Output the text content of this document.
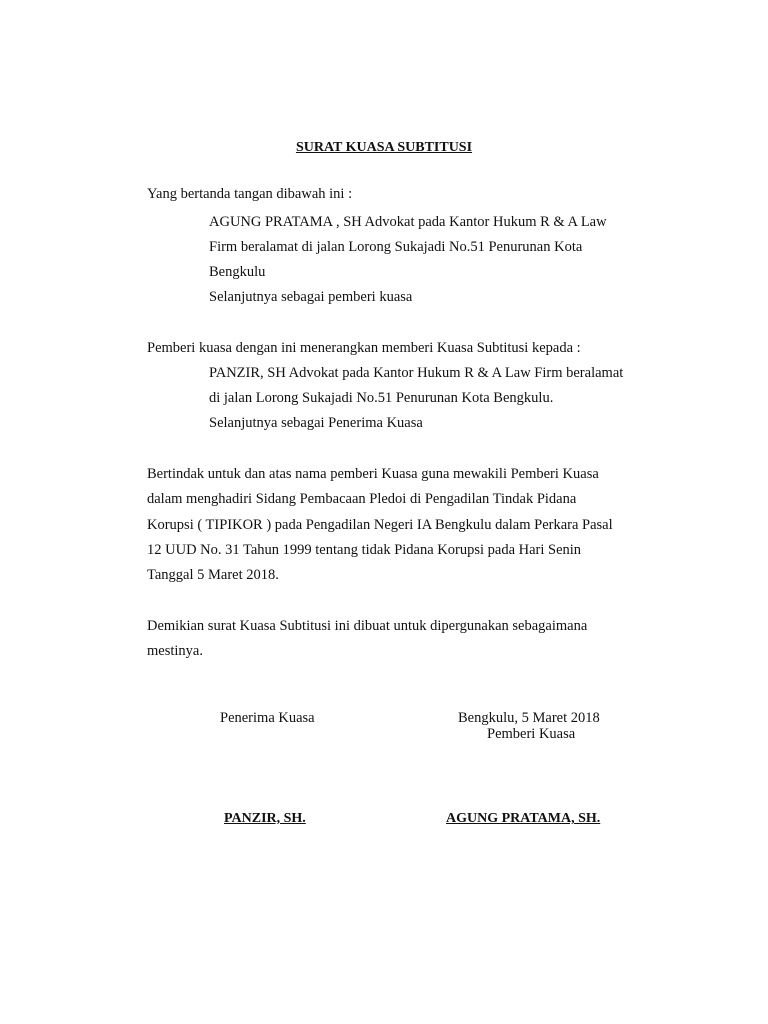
SURAT KUASA SUBTITUSI
Yang bertanda tangan dibawah ini :
AGUNG PRATAMA , SH Advokat pada Kantor Hukum R & A Law
Firm beralamat di jalan Lorong Sukajadi No.51 Penurunan Kota
Bengkulu
Selanjutnya sebagai pemberi kuasa
Pemberi kuasa dengan ini menerangkan memberi Kuasa Subtitusi kepada :
PANZIR, SH Advokat pada Kantor Hukum R & A Law Firm beralamat
di jalan Lorong Sukajadi No.51 Penurunan Kota Bengkulu.
Selanjutnya sebagai Penerima Kuasa
Bertindak untuk dan atas nama pemberi Kuasa guna mewakili Pemberi Kuasa
dalam menghadiri Sidang Pembacaan Pledoi di Pengadilan Tindak Pidana
Korupsi ( TIPIKOR ) pada Pengadilan Negeri IA Bengkulu dalam Perkara Pasal
12 UUD No. 31 Tahun 1999 tentang tidak Pidana Korupsi pada Hari Senin
Tanggal 5 Maret 2018.
Demikian surat Kuasa Subtitusi ini dibuat untuk dipergunakan sebagaimana
mestinya.
Penerima Kuasa	Bengkulu, 5 Maret 2018
Pemberi Kuasa
PANZIR, SH.	AGUNG PRATAMA, SH.
